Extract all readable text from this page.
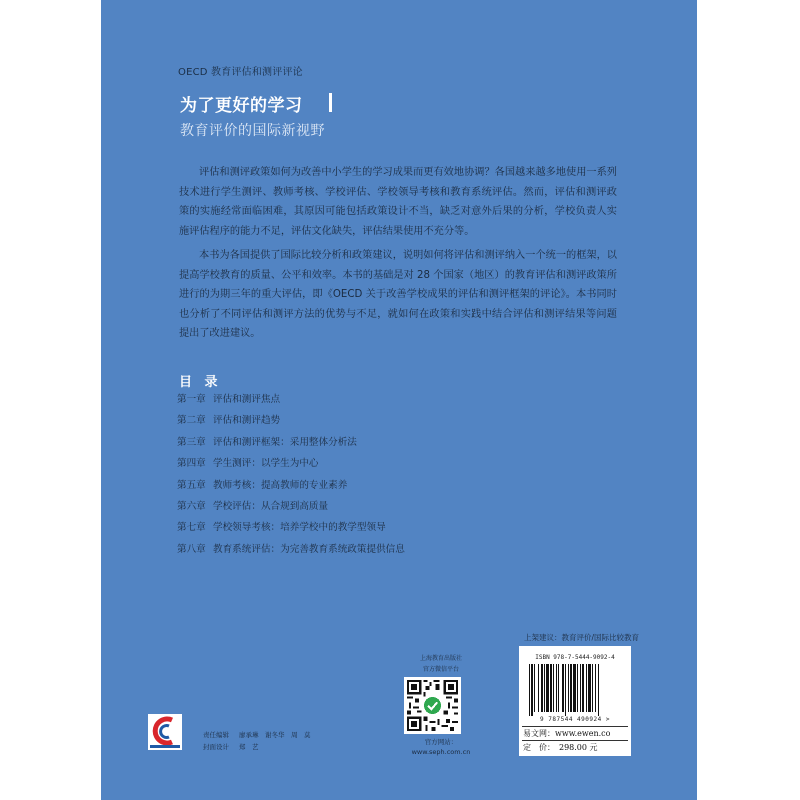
OECD 教育评估和测评评论
为了更好的学习
教育评价的国际新视野

评估和测评政策如何为改善中小学生的学习成果而更有效地协调？各国越来越多地使用一系列技术进行学生测评、教师考核、学校评估、学校领导考核和教育系统评估。然而，评估和测评政策的实施经常面临困难，其原因可能包括政策设计不当，缺乏对意外后果的分析，学校负责人实施评估程序的能力不足，评估文化缺失，评估结果使用不充分等。

本书为各国提供了国际比较分析和政策建议，说明如何将评估和测评纳入一个统一的框架，以提高学校教育的质量、公平和效率。本书的基础是对 28 个国家（地区）的教育评估和测评政策所进行的为期三年的重大评估，即《OECD 关于改善学校成果的评估和测评框架的评论》。本书同时也分析了不同评估和测评方法的优势与不足，就如何在政策和实践中结合评估和测评结果等问题提出了改进建议。

目 录
第一章 评估和测评焦点
第二章 评估和测评趋势
第三章 评估和测评框架：采用整体分析法
第四章 学生测评：以学生为中心
第五章 教师考核：提高教师的专业素养
第六章 学校评估：从合规到高质量
第七章 学校领导考核：培养学校中的教学型领导
第八章 教育系统评估：为完善教育系统政策提供信息
上架建议：教育评价/国际比较教育
上海教育出版社
官方微信平台
官方网站：
www.seph.com.cn
责任编辑 廖承琳　谢冬华　周　莫
封面设计 郑　艺
ISBN 978-7-5444-9092-4
9 787544 490924 >
易文网：www.ewen.co
定　价：　298.00 元
